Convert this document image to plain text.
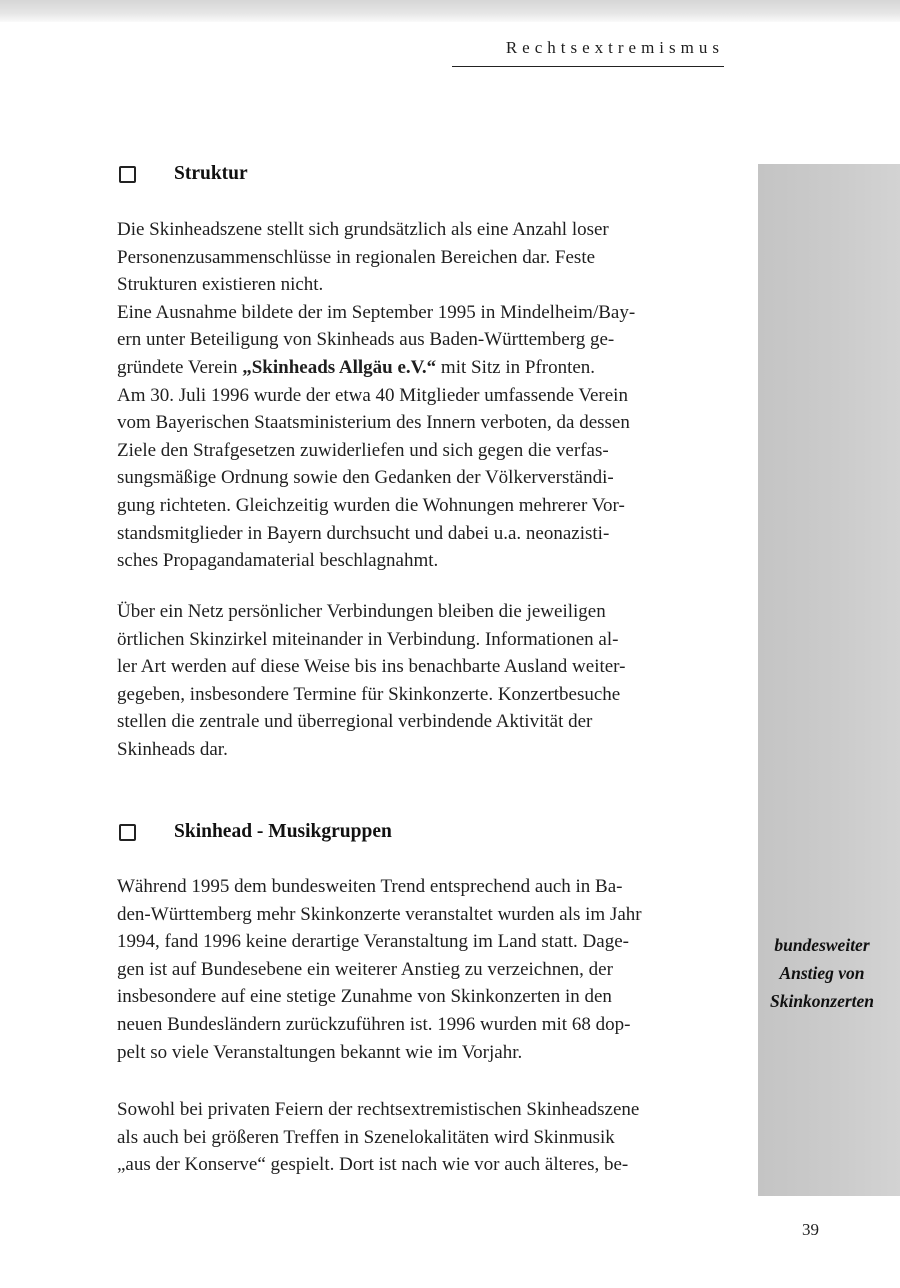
Rechtsextremismus
bundesweiter
Anstieg von
Skinkonzerten
Struktur

Die Skinheadszene stellt sich grundsätzlich als eine Anzahl loser
Personenzusammenschlüsse in regionalen Bereichen dar. Feste
Strukturen existieren nicht.
Eine Ausnahme bildete der im September 1995 in Mindelheim/Bay-
ern unter Beteiligung von Skinheads aus Baden-Württemberg ge-
gründete Verein „Skinheads Allgäu e.V.“ mit Sitz in Pfronten.
Am 30. Juli 1996 wurde der etwa 40 Mitglieder umfassende Verein
vom Bayerischen Staatsministerium des Innern verboten, da dessen
Ziele den Strafgesetzen zuwiderliefen und sich gegen die verfas-
sungsmäßige Ordnung sowie den Gedanken der Völkerverständi-
gung richteten. Gleichzeitig wurden die Wohnungen mehrerer Vor-
standsmitglieder in Bayern durchsucht und dabei u.a. neonazisti-
sches Propagandamaterial beschlagnahmt.

Über ein Netz persönlicher Verbindungen bleiben die jeweiligen
örtlichen Skinzirkel miteinander in Verbindung. Informationen al-
ler Art werden auf diese Weise bis ins benachbarte Ausland weiter-
gegeben, insbesondere Termine für Skinkonzerte. Konzertbesuche
stellen die zentrale und überregional verbindende Aktivität der
Skinheads dar.

Skinhead - Musikgruppen

Während 1995 dem bundesweiten Trend entsprechend auch in Ba-
den-Württemberg mehr Skinkonzerte veranstaltet wurden als im Jahr
1994, fand 1996 keine derartige Veranstaltung im Land statt. Dage-
gen ist auf Bundesebene ein weiterer Anstieg zu verzeichnen, der
insbesondere auf eine stetige Zunahme von Skinkonzerten in den
neuen Bundesländern zurückzuführen ist. 1996 wurden mit 68 dop-
pelt so viele Veranstaltungen bekannt wie im Vorjahr.

Sowohl bei privaten Feiern der rechtsextremistischen Skinheadszene
als auch bei größeren Treffen in Szenelokalitäten wird Skinmusik
„aus der Konserve“ gespielt. Dort ist nach wie vor auch älteres, be-

39
